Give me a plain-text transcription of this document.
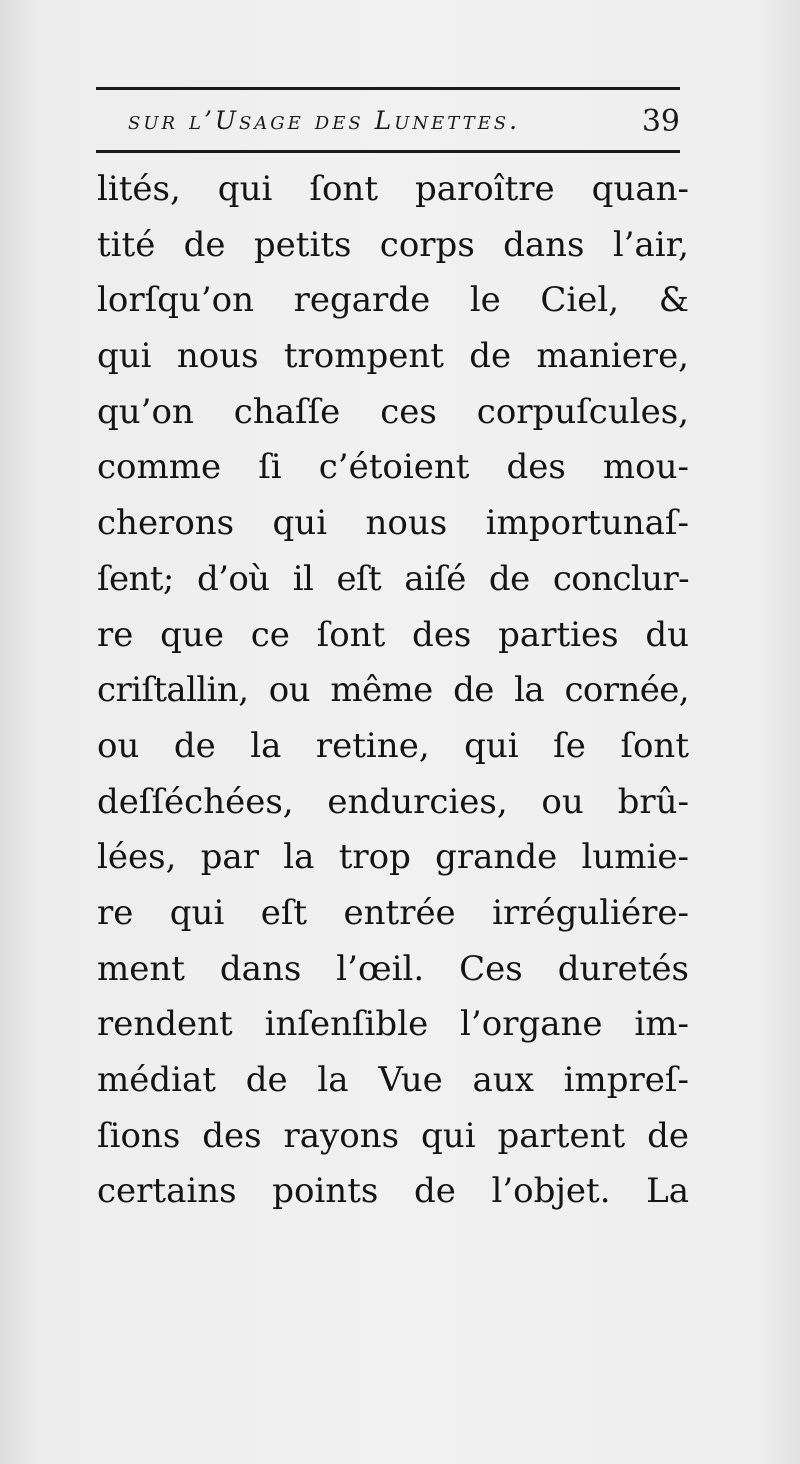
sur l’Usage des Lunettes.	39
lités, qui ſont paroître quan-
tité de petits corps dans l’air,
lorſqu’on regarde le Ciel, &
qui nous trompent de maniere,
qu’on chaſſe ces corpuſcules,
comme ſi c’étoient des mou-
cherons qui nous importunaſ-
ſent; d’où il eſt aiſé de conclur-
re que ce ſont des parties du
criſtallin, ou même de la cornée,
ou de la retine, qui ſe ſont
deſſéchées, endurcies, ou brû-
lées, par la trop grande lumie-
re qui eſt entrée irréguliére-
ment dans l’œil. Ces duretés
rendent inſenſible l’organe im-
médiat de la Vue aux impreſ-
ſions des rayons qui partent de
certains points de l’objet. La
